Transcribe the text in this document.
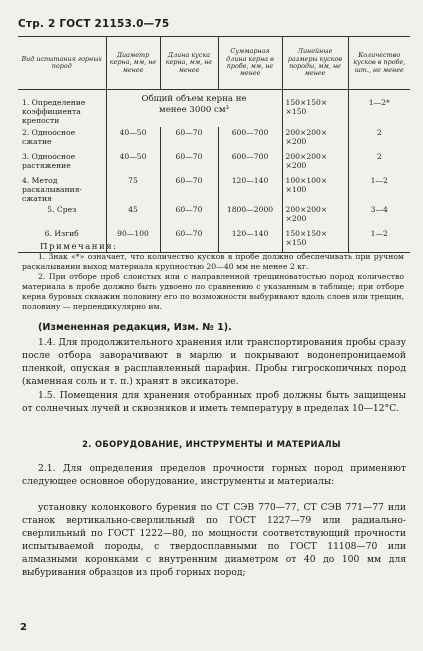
Стр. 2 ГОСТ 21153.0—75
Вид испытания горных пород	Диаметр керна, мм, не менее	Длина куска керна, мм, не менее	Суммарная длина керна в пробе, мм, не менее	Линейные размеры кусков породы, мм, не менее	Количество кусков в пробе, шт., не менее
1. Определение коэффициента крепости	Общий объем керна не менее 3000 см³			150×150× ×150	1—2*
2. Одноосное сжатие	40—50	60—70	600—700	200×200× ×200	2
3. Одноосное растяжение	40—50	60—70	600—700	200×200× ×200	2
4. Метод раскалывания-сжатия	75	60—70	120—140	100×100× ×100	1—2
5. Срез	45	60—70	1800—2000	200×200× ×200	3—4
6. Изгиб	90—100	60—70	120—140	150×150× ×150	1—2
Примечания:

1. Знак «*» означает, что количество кусков в пробе должно обеспечивать при ручном раскалывании выход материала крупностью 20—40 мм не менее 2 кг.

2. При отборе проб слоистых или с направленной трещиноватостью пород количество материала в пробе должно быть удвоено по сравнению с указанным в таблице; при отборе керна буровых скважин половину его по возможности выбуривают вдоль слоев или трещин, половину — перпендикулярно им.

(Измененная редакция, Изм. № 1).

1.4. Для продолжительного хранения или транспортирования пробы сразу после отбора заворачивают в марлю и покрывают водонепроницаемой пленкой, опуская в расплавленный парафин. Пробы гигроскопичных пород (каменная соль и т. п.) хранят в эксикаторе.

1.5. Помещения для хранения отобранных проб должны быть защищены от солнечных лучей и сквозняков и иметь температуру в пределах 10—12°С.

2. ОБОРУДОВАНИЕ, ИНСТРУМЕНТЫ И МАТЕРИАЛЫ

2.1. Для определения пределов прочности горных пород применяют следующее основное оборудование, инструменты и материалы:

установку колонкового бурения по СТ СЭВ 770—77, СТ СЭВ 771—77 или станок вертикально-сверлильный по ГОСТ 1227—79 или радиально-сверлильный по ГОСТ 1222—80, по мощности соответствующий прочности испытываемой породы, с твердосплавными по ГОСТ 11108—70 или алмазными коронками с внутренним диаметром от 40 до 100 мм для выбуривания образцов из проб горных пород;

2
